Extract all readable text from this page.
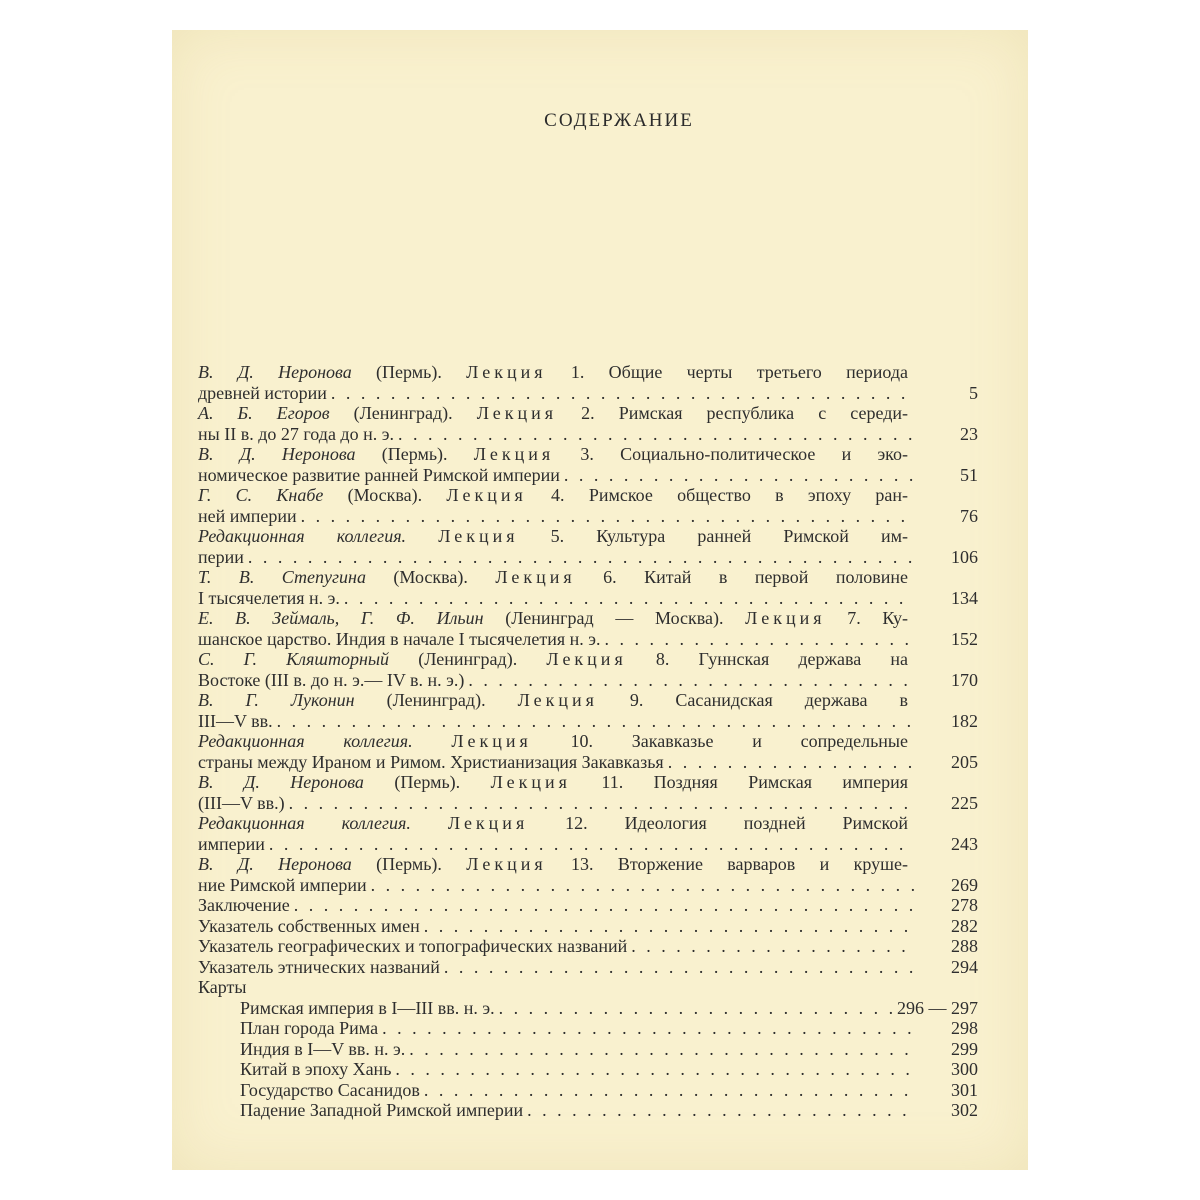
СОДЕРЖАНИЕ
В. Д. Неронова (Пермь). Лекция 1. Общие черты третьего периода
древней истории . . .	5
А. Б. Егоров (Ленинград). Лекция 2. Римская республика с середи-
ны II в. до 27 года до н. э. . . .	23
В. Д. Неронова (Пермь). Лекция 3. Социально-политическое и эко-
номическое развитие ранней Римской империи . . .	51
Г. С. Кнабе (Москва). Лекция 4. Римское общество в эпоху ран-
ней империи . . .	76
Редакционная коллегия. Лекция 5. Культура ранней Римской им-
перии . . .	106
Т. В. Степугина (Москва). Лекция 6. Китай в первой половине
I тысячелетия н. э. . . .	134
Е. В. Зеймаль, Г. Ф. Ильин (Ленинград — Москва). Лекция 7. Ку-
шанское царство. Индия в начале I тысячелетия н. э. . . .	152
С. Г. Кляшторный (Ленинград). Лекция 8. Гуннская держава на
Востоке (III в. до н. э.— IV в. н. э.) . . .	170
В. Г. Луконин (Ленинград). Лекция 9. Сасанидская держава в
III—V вв. . . .	182
Редакционная коллегия. Лекция 10. Закавказье и сопредельные
страны между Ираном и Римом. Христианизация Закавказья . . .	205
В. Д. Неронова (Пермь). Лекция 11. Поздняя Римская империя
(III—V вв.) . . .	225
Редакционная коллегия. Лекция 12. Идеология поздней Римской
империи . . .	243
В. Д. Неронова (Пермь). Лекция 13. Вторжение варваров и круше-
ние Римской империи . . .	269
Заключение . . .	278
Указатель собственных имен . . .	282
Указатель географических и топографических названий . . .	288
Указатель этнических названий . . .	294
Карты
Римская империя в I—III вв. н. э. . . .	296 — 297
План города Рима . . .	298
Индия в I—V вв. н. э. . . .	299
Китай в эпоху Хань . . .	300
Государство Сасанидов . . .	301
Падение Западной Римской империи . . .	302
